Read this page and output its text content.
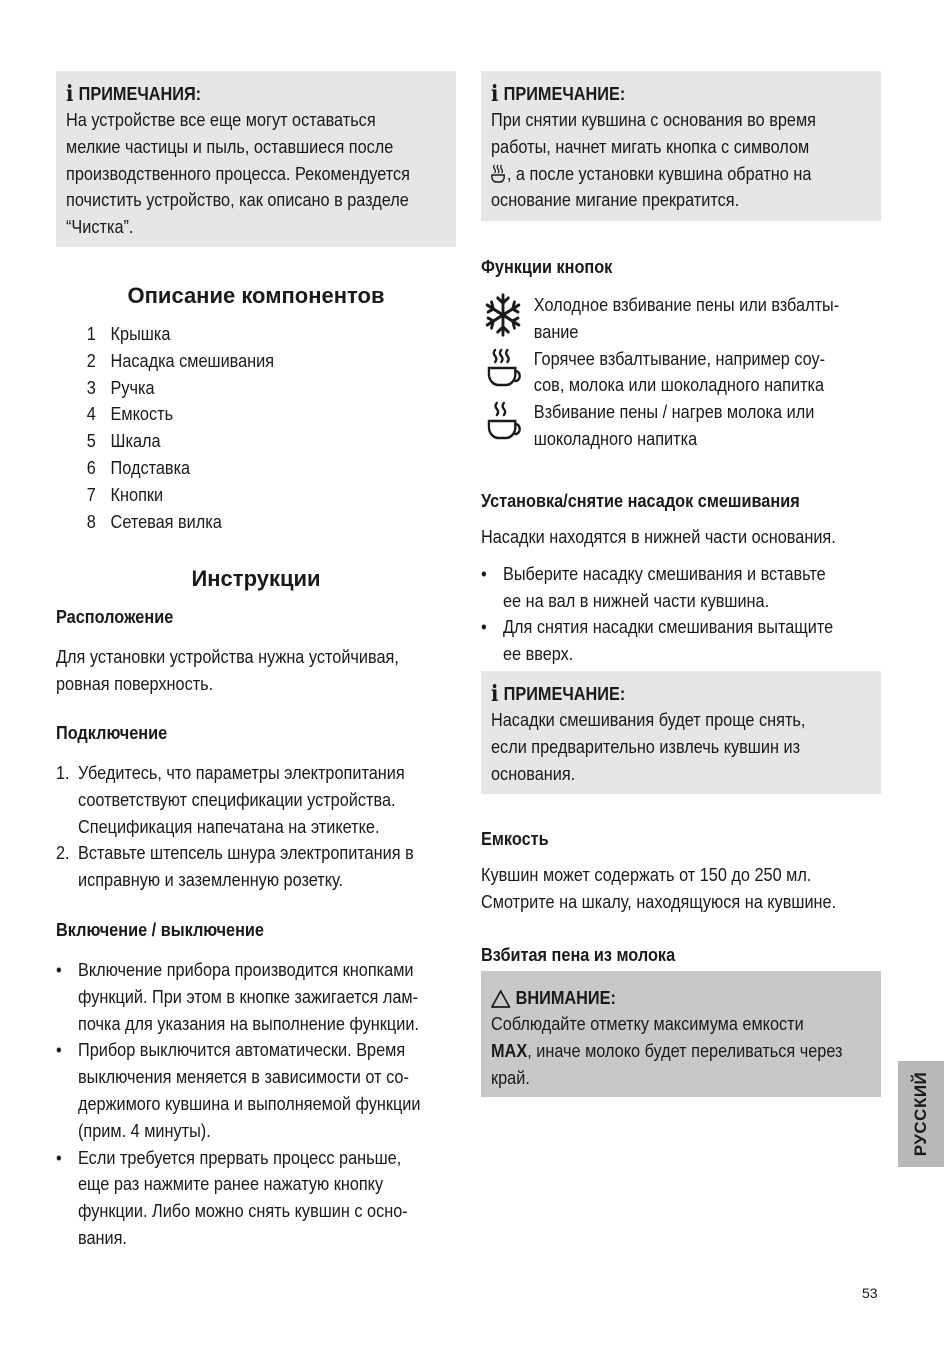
i ПРИМЕЧАНИЯ:
На устройстве все еще могут оставаться
мелкие частицы и пыль, оставшиеся после
производственного процесса. Рекомендуется
почистить устройство, как описано в разделе
“Чистка”.
Описание компонентов
1 Крышка
2 Насадка смешивания
3 Ручка
4 Емкость
5 Шкала
6 Подставка
7 Кнопки
8 Сетевая вилка
Инструкции
Расположение
Для установки устройства нужна устойчивая,
ровная поверхность.
Подключение
1. Убедитесь, что параметры электропитания
соответствуют спецификации устройства.
Спецификация напечатана на этикетке.
2. Вставьте штепсель шнура электропитания в
исправную и заземленную розетку.
Включение / выключение
• Включение прибора производится кнопками
функций. При этом в кнопке зажигается лам-
почка для указания на выполнение функции.
• Прибор выключится автоматически. Время
выключения меняется в зависимости от со-
держимого кувшина и выполняемой функции
(прим. 4 минуты).
• Если требуется прервать процесс раньше,
еще раз нажмите ранее нажатую кнопку
функции. Либо можно снять кувшин с осно-
вания.
i ПРИМЕЧАНИЕ:
При снятии кувшина с основания во время
работы, начнет мигать кнопка с символом
, а после установки кувшина обратно на
основание мигание прекратится.
Функции кнопок
Холодное взбивание пены или взбалты-
вание
Горячее взбалтывание, например соу-
сов, молока или шоколадного напитка
Взбивание пены / нагрев молока или
шоколадного напитка
Установка/снятие насадок смешивания
Насадки находятся в нижней части основания.
• Выберите насадку смешивания и вставьте
ее на вал в нижней части кувшина.
• Для снятия насадки смешивания вытащите
ее вверх.
i ПРИМЕЧАНИЕ:
Насадки смешивания будет проще снять,
если предварительно извлечь кувшин из
основания.
Емкость
Кувшин может содержать от 150 до 250 мл.
Смотрите на шкалу, находящуюся на кувшине.
Взбитая пена из молока
ВНИМАНИЕ:
Соблюдайте отметку максимума емкости
MAX, иначе молоко будет переливаться через
край.	РУССКИЙ
53
